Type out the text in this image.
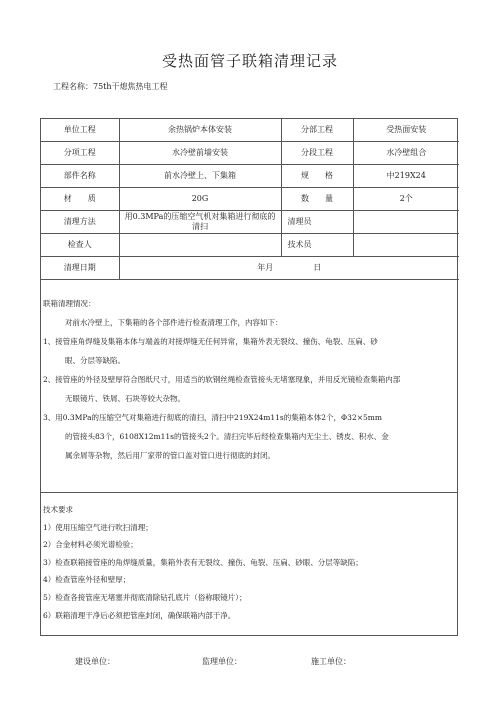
受热面管子联箱清理记录
工程名称：75th干熄焦热电工程
单位工程	余热锅炉本体安装	分部工程	受热面安装
分项工程	水冷壁前墙安装	分段工程	水冷壁组合
部件名称	前水冷壁上、下集箱	规　　格	中219X24
材　　质	20G	数　　量	2个
清理方法	用0.3MPa的压缩空气机对集箱进行彻底的清扫	清理员	
检查人		技术员	
清理日期	年月　　　　　日		

联箱清理情况：

对前水冷壁上，下集箱的各个部件进行检查清理工作，内容如下：

1、接管座角焊缝及集箱本体与端盖的对接焊缝无任何异常，集箱外表无裂纹、撞伤、龟裂、压扁、砂

眼、分层等缺陷。

2、接管座的外径及壁厚符合图纸尺寸，用适当的软钢丝绳检查管接头无堵塞现象，并用反光镜检查集箱内部

无眼镜片、铁屑、石块等较大杂物。

3、用0.3MPa的压缩空气对集箱进行彻底的清扫，清扫中219X24m11s的集箱本体2个，Φ32×5mm

的管接头83个，6108X12m11s的管接头2个。清扫完毕后经检查集箱内无尘土、锈皮、积水、金

属余屑等杂物，然后用厂家带的管口盖对管口进行彻底的封闭。

技术要求

1）使用压缩空气进行吹扫清理；

2）合金材料必须光谱检验；

3）检查联箱接管座的角焊缝质量，集箱外表有无裂纹、撞伤、龟裂、压扁、砂眼、分层等缺陷；

4）检查管座外径和壁厚；

5）检查各接管座无堵塞并彻底清除钻孔底片（俗称眼镜片）；

6）联箱清理干净后必须把管座封闭，确保联箱内部干净。

建设单位：	监理单位：	施工单位：
